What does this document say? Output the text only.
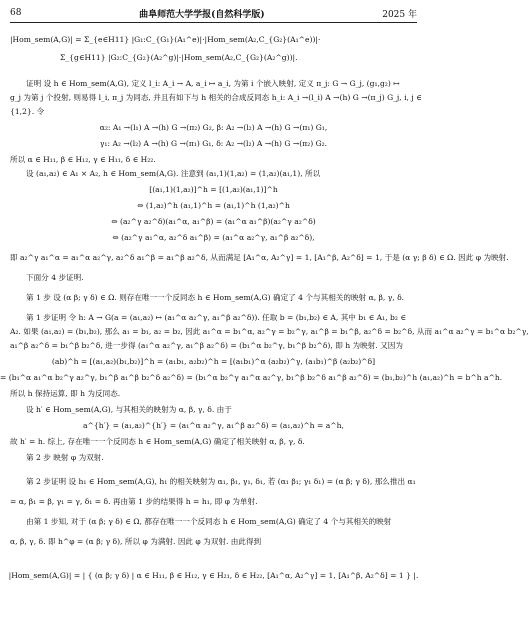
68	曲阜师范大学学报(自然科学版)	2025 年
|Hom_sem(A,G)| = Σ_{e∈H11} |G₁:C_{G₁}(A₁^e)|·|Hom_sem(A₂,C_{G₂}(A₁^e))|·
Σ_{g∈H11} |G₂:C_{G₂}(A₂^g)|·|Hom_sem(A₂,C_{G₂}(A₂^g))|.
证明 设 h ∈ Hom_sem(A,G), 定义 l_i: A_i → A, a_i ↦ a_i, 为第 i 个嵌入映射, 定义 π_j: G → G_j, (g₁,g₂) ↦
g_j 为第 j 个投射, 则易得 l_i, π_j 为同态, 并且有如下与 h 相关的合成反同态 h_i: A_i →(l_i) A →(h) G →(π_j) G_j, i, j ∈
{1,2}. 令
α₂: A₁ →(l₁) A →(h) G →(π₂) G₂, β: A₂ →(l₂) A →(h) G →(π₁) G₁,
γ₁: A₂ →(l₂) A →(h) G →(π₁) G₁, δ: A₂ →(l₂) A →(h) G →(π₂) G₂.
所以 α ∈ H₁₁, β ∈ H₁₂, γ ∈ H₁₁, δ ∈ H₂₂.
设 (a₁,a₂) ∈ A₁ × A₂, h ∈ Hom_sem(A,G). 注意到 (a₁,1)(1,a₂) = (1,a₂)(a₁,1), 所以
[(a₁,1)(1,a₂)]^h = [(1,a₂)(a₁,1)]^h
⇔ (1,a₂)^h (a₁,1)^h = (a₁,1)^h (1,a₂)^h
⇔ (a₂^γ a₂^δ)(a₁^α, a₁^β) = (a₁^α a₁^β)(a₂^γ a₂^δ)
⇔ (a₂^γ a₁^α, a₂^δ a₁^β) = (a₁^α a₂^γ, a₁^β a₂^δ),
即 a₂^γ a₁^α = a₁^α a₂^γ, a₂^δ a₁^β = a₁^β a₂^δ, 从而满足 [A₁^α, A₂^γ] = 1, [A₁^β, A₂^δ] = 1, 于是 (α γ; β δ) ∈ Ω. 因此 φ 为映射.
下面分 4 步证明.
第 1 步 设 (α β; γ δ) ∈ Ω. 则存在唯一一个反同态 h ∈ Hom_sem(A,G) 确定了 4 个与其相关的映射 α, β, γ, δ.
第 1 步证明 令 h: A → G(a = (a₁,a₂) ↦ (a₁^α a₂^γ, a₁^β a₂^δ)). 任取 b = (b₁,b₂) ∈ A, 其中 b₁ ∈ A₁, b₂ ∈
A₂. 如果 (a₁,a₂) = (b₁,b₂), 那么 a₁ = b₁, a₂ = b₂, 因此 a₁^α = b₁^α, a₂^γ = b₂^γ, a₁^β = b₁^β, a₂^δ = b₂^δ, 从而 a₁^α a₂^γ = b₁^α b₂^γ,
a₁^β a₂^δ = b₁^β b₂^δ, 进一步得 (a₁^α a₂^γ, a₁^β a₂^δ) = (b₁^α b₂^γ, b₁^β b₂^δ), 即 h 为映射. 又因为
(ab)^h = [(a₁,a₂)(b₁,b₂)]^h = (a₁b₁, a₂b₂)^h = [(a₁b₁)^α (a₂b₂)^γ, (a₁b₁)^β (a₂b₂)^δ]
= (b₁^α a₁^α b₂^γ a₂^γ, b₁^β a₁^β b₂^δ a₂^δ) = (b₁^α b₂^γ a₁^α a₂^γ, b₁^β b₂^δ a₁^β a₂^δ) = (b₁,b₂)^h (a₁,a₂)^h = b^h a^h.
所以 h 保持运算, 即 h 为反同态.
设 h′ ∈ Hom_sem(A,G), 与其相关的映射为 α, β, γ, δ. 由于
a^{h′} = (a₁,a₂)^{h′} = (a₁^α a₂^γ, a₁^β a₂^δ) = (a₁,a₂)^h = a^h,
故 h′ = h. 综上, 存在唯一一个反同态 h ∈ Hom_sem(A,G) 确定了相关映射 α, β, γ, δ.
第 2 步 映射 φ 为双射.
第 2 步证明 设 h₁ ∈ Hom_sem(A,G), h₁ 的相关映射为 α₁, β₁, γ₁, δ₁, 若 (α₁ β₁; γ₁ δ₁) = (α β; γ δ), 那么推出 α₁
= α, β₁ = β, γ₁ = γ, δ₁ = δ. 再由第 1 步的结果得 h = h₁, 即 φ 为单射.
由第 1 步知, 对于 (α β; γ δ) ∈ Ω, 都存在唯一一个反同态 h ∈ Hom_sem(A,G) 确定了 4 个与其相关的映射
α, β, γ, δ. 即 h^φ = (α β; γ δ), 所以 φ 为满射. 因此 φ 为双射. 由此得到
|Hom_sem(A,G)| = | { (α β; γ δ) | α ∈ H₁₁, β ∈ H₁₂, γ ∈ H₂₁, δ ∈ H₂₂, [A₁^α, A₂^γ] = 1, [A₁^β, A₂^δ] = 1 } |.
